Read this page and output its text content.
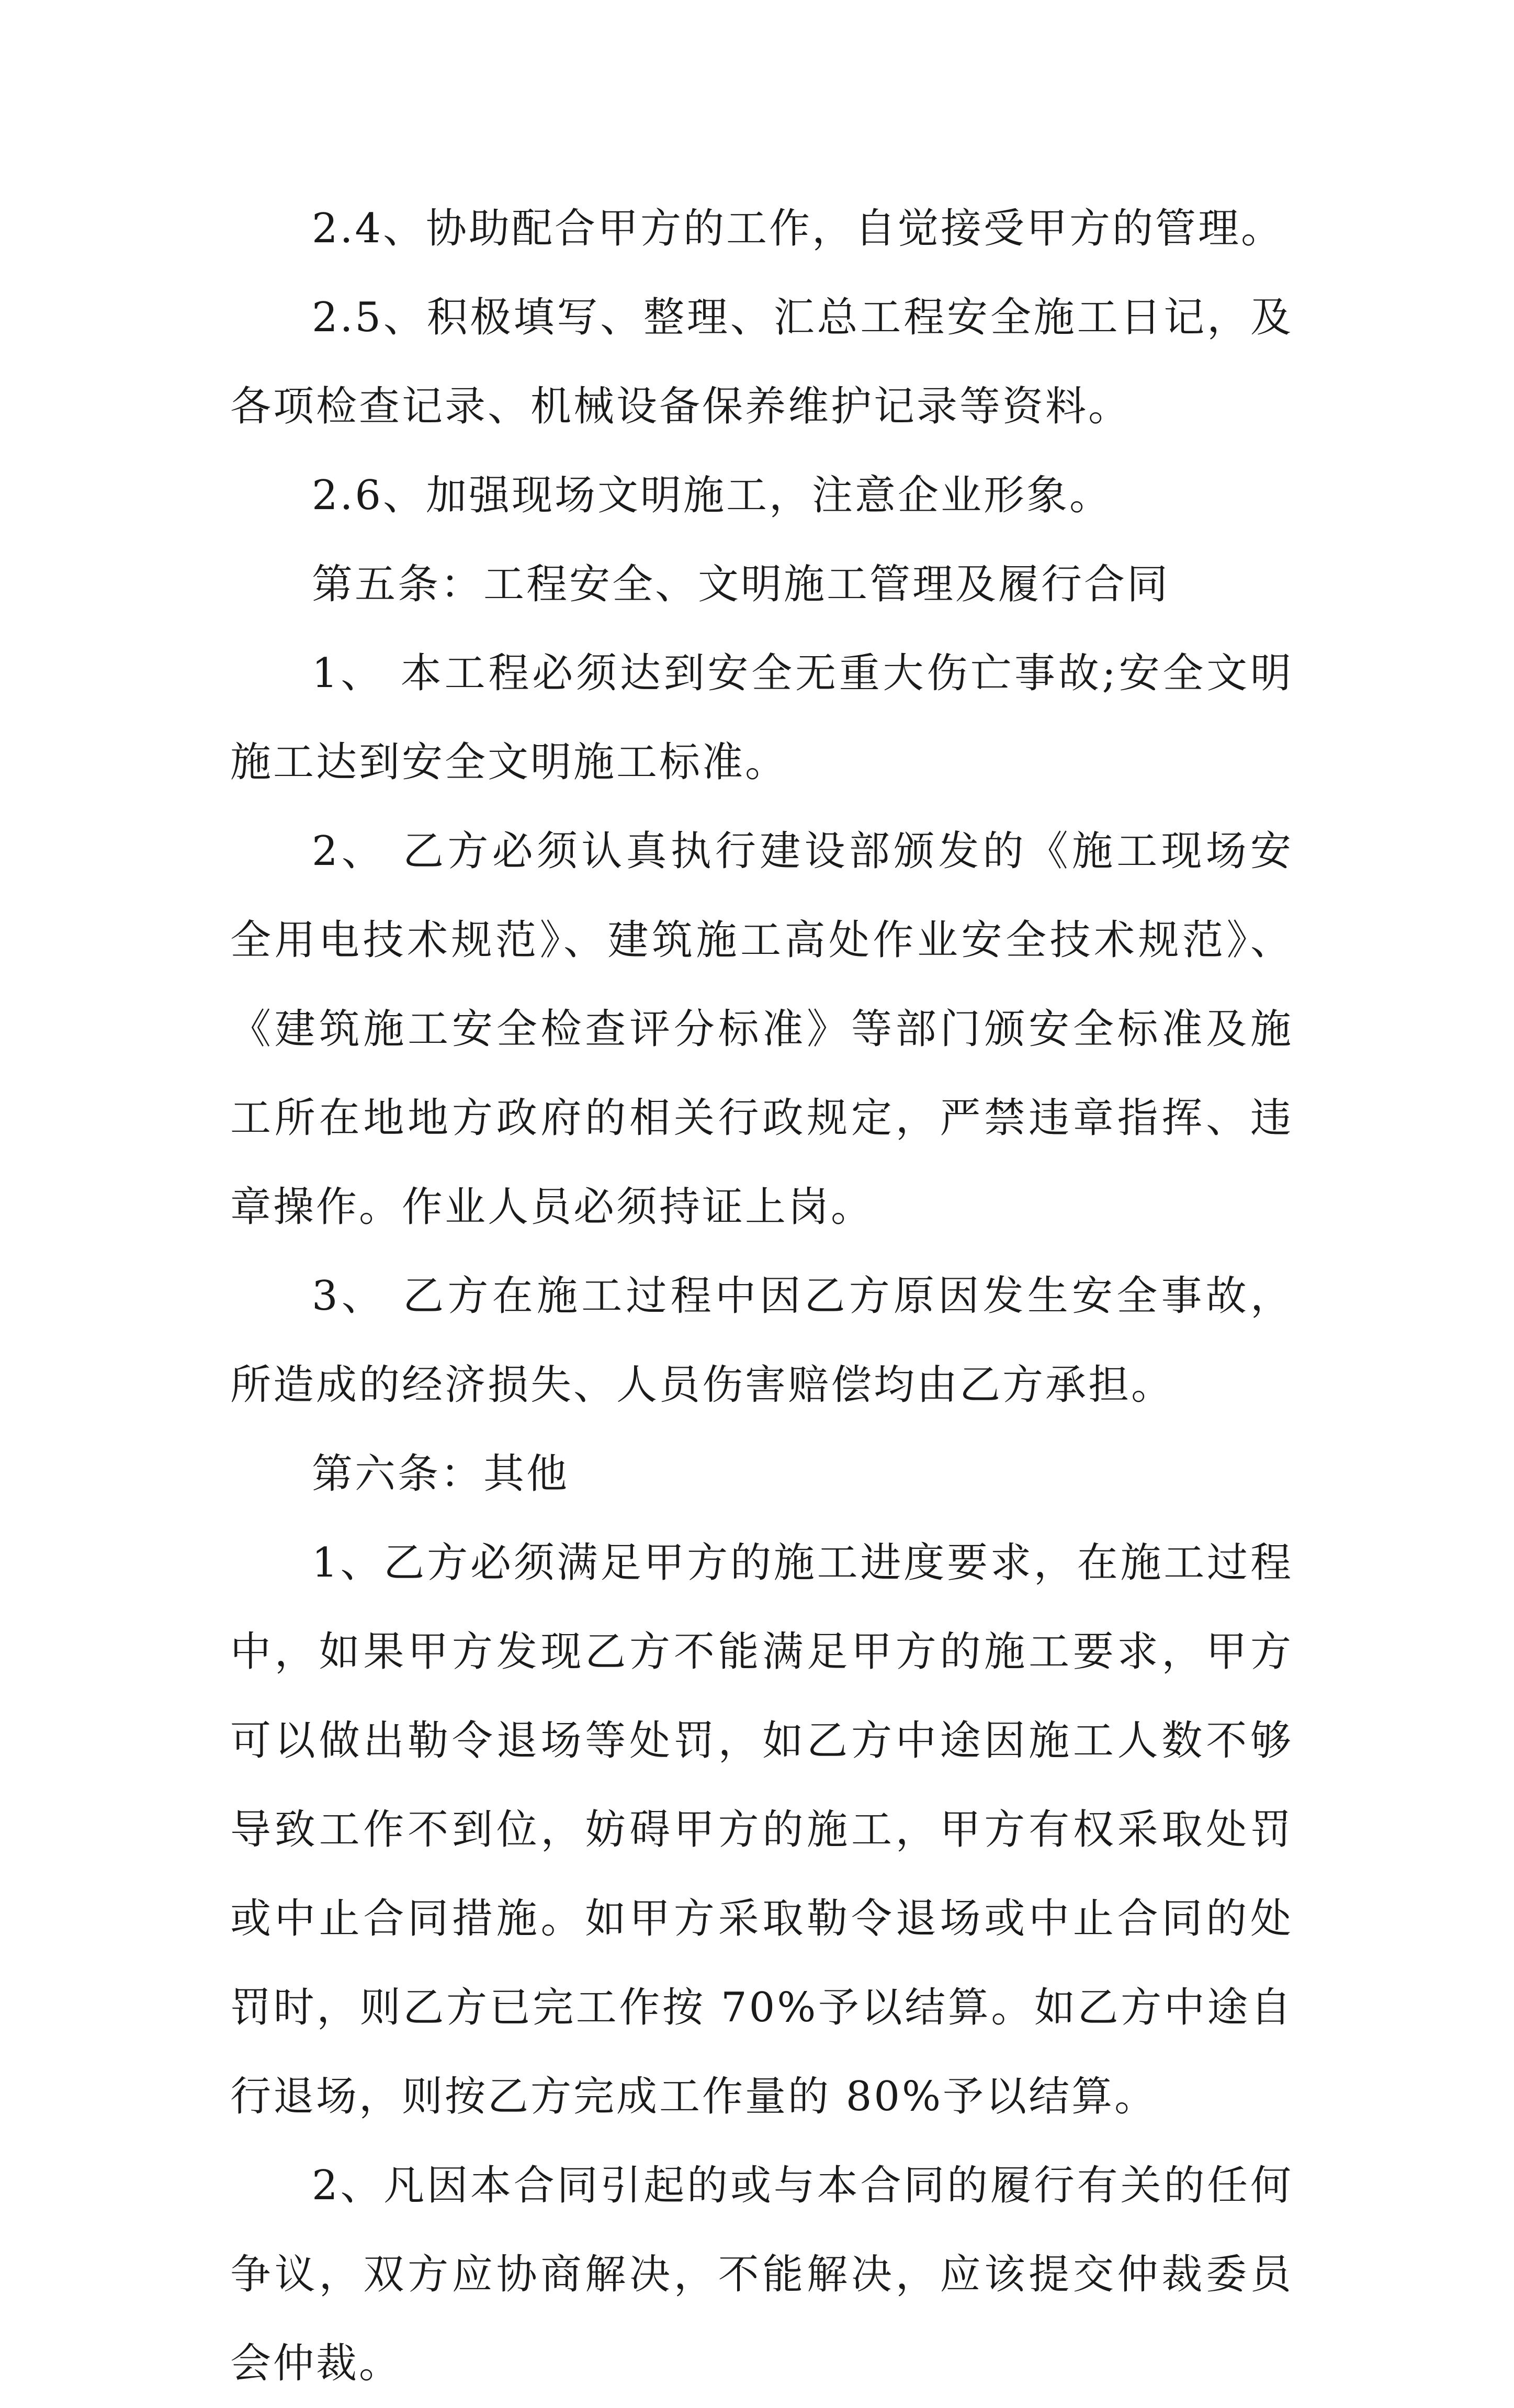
2.4、协助配合甲方的工作，自觉接受甲方的管理。

2.5、积极填写、整理、汇总工程安全施工日记，及各项检查记录、机械设备保养维护记录等资料。

2.6、加强现场文明施工，注意企业形象。

第五条：工程安全、文明施工管理及履行合同

1、 本工程必须达到安全无重大伤亡事故;安全文明施工达到安全文明施工标准。

2、 乙方必须认真执行建设部颁发的《施工现场安全用电技术规范》、建筑施工高处作业安全技术规范》、《建筑施工安全检查评分标准》等部门颁安全标准及施工所在地地方政府的相关行政规定，严禁违章指挥、违章操作。作业人员必须持证上岗。

3、 乙方在施工过程中因乙方原因发生安全事故，所造成的经济损失、人员伤害赔偿均由乙方承担。

第六条：其他

1、乙方必须满足甲方的施工进度要求，在施工过程中，如果甲方发现乙方不能满足甲方的施工要求，甲方可以做出勒令退场等处罚，如乙方中途因施工人数不够导致工作不到位，妨碍甲方的施工，甲方有权采取处罚或中止合同措施。如甲方采取勒令退场或中止合同的处罚时，则乙方已完工作按 70%予以结算。如乙方中途自行退场，则按乙方完成工作量的 80%予以结算。

2、凡因本合同引起的或与本合同的履行有关的任何争议，双方应协商解决，不能解决，应该提交仲裁委员会仲裁。
